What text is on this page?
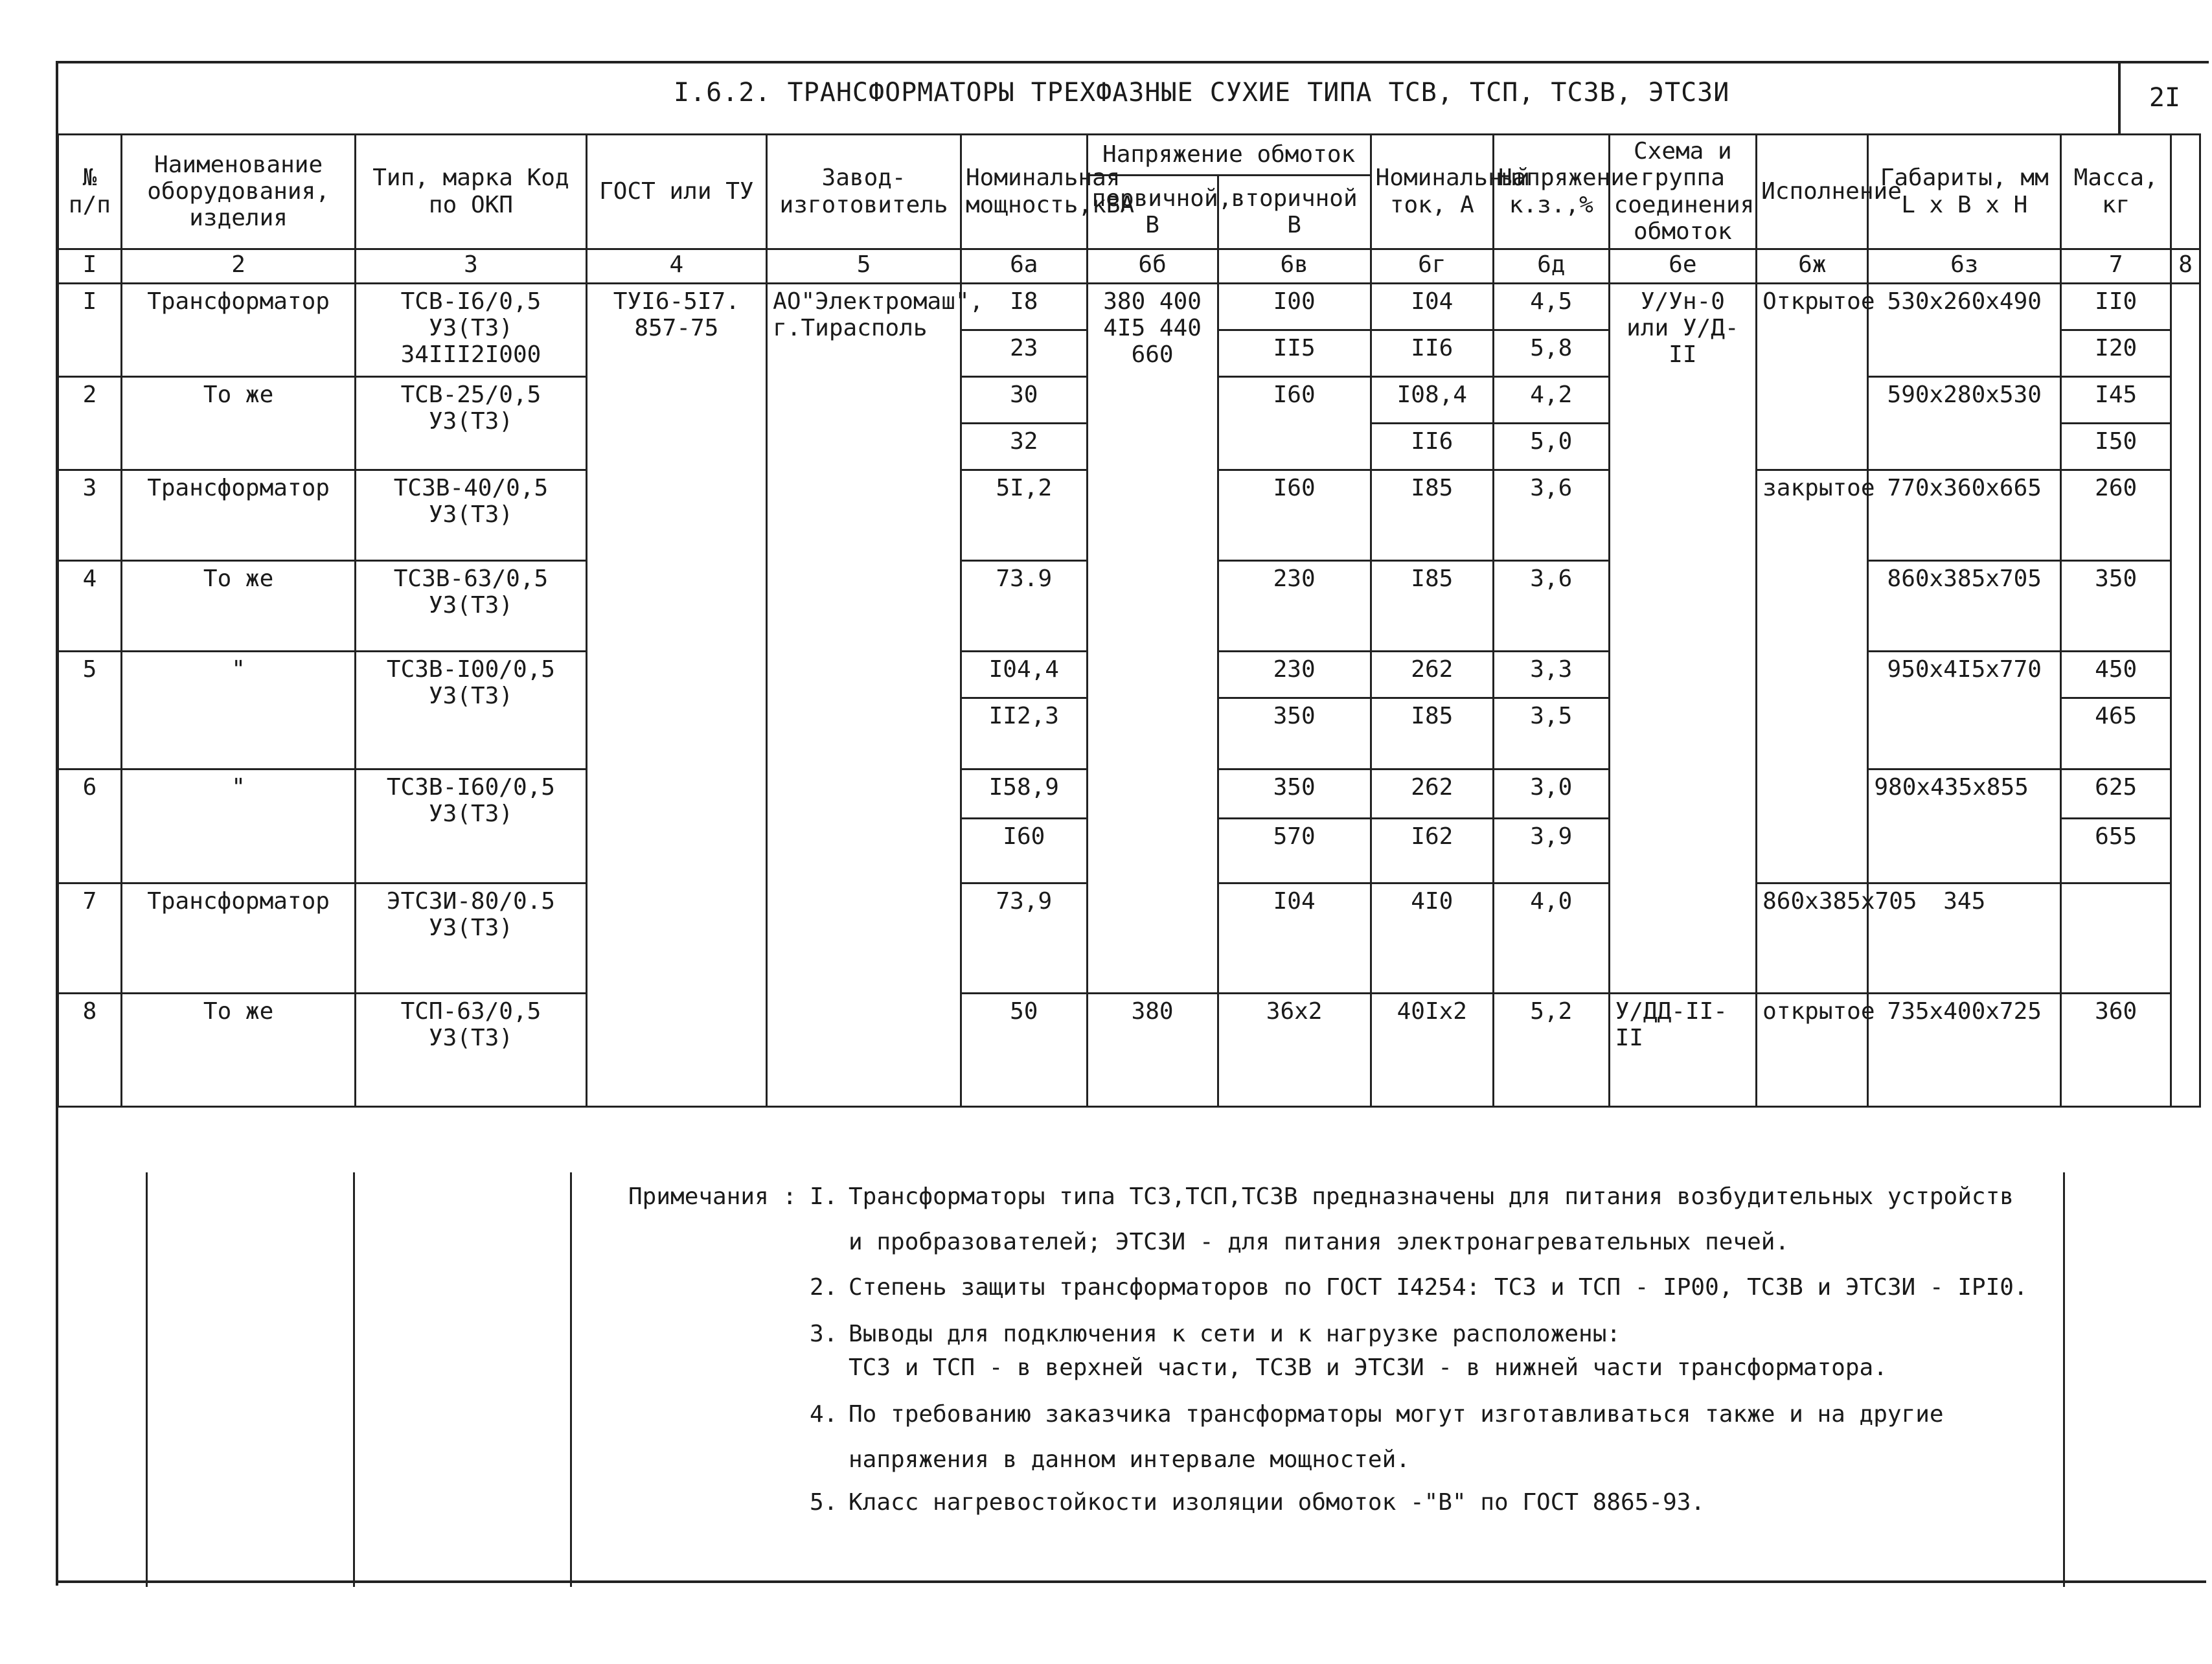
I.6.2. ТРАНСФОРМАТОРЫ ТРЕХФАЗНЫЕ СУХИЕ ТИПА ТСВ, ТСП, ТСЗВ, ЭТСЗИ	2I
№ п/п	Наименование оборудования, изделия	Тип, марка Код по ОКП	ГОСТ или ТУ	Завод-изготовитель	Номинальная мощность,кВА	Напряжение обмоток		Номинальный ток, А	Напряжение к.з.,%	Схема и группа соединения обмоток	Исполнение	Габариты, мм L x B x H	Масса, кг	
						первичной, В	вторичной В							
I	2	3	4	5	6а	6б	6в	6г	6д	6е	6ж	6з	7	8
I	Трансформатор	ТСВ-I6/0,5 У3(Т3) 34III2I000	ТУI6-5I7. 857-75	АО"Электромаш", г.Тирасполь	I8	380 400 4I5 440 660	I00	I04	4,5	У/Ун-0 или У/Д-II	Открытое	530x260x490	II0	
					23		II5	II6	5,8				I20	
2	То же	ТСВ-25/0,5 У3(Т3)			30		I60	I08,4	4,2			590x280x530	I45	
					32			II6	5,0				I50	
3	Трансформатор	ТСЗВ-40/0,5 У3(Т3)			5I,2		I60	I85	3,6		закрытое	770x360x665	260	
4	То же	ТСЗВ-63/0,5 У3(Т3)			73.9		230	I85	3,6			860x385x705	350	
5	"	ТСЗВ-I00/0,5 У3(Т3)			I04,4		230	262	3,3			950x4I5x770	450	
					II2,3		350	I85	3,5				465	
6	"	ТСЗВ-I60/0,5 У3(Т3)			I58,9		350	262	3,0			980x435x855	625	
					I60		570	I62	3,9				655	
7	Трансформатор	ЭТСЗИ-80/0.5 У3(Т3)			73,9		I04	4I0	4,0		860x385x705	345		
8	То же	ТСП-63/0,5 У3(Т3)			50	380	36x2	40Ix2	5,2	У/ДД-II-II	открытое	735x400x725	360	
Примечания : I. Трансформаторы типа ТСЗ,ТСП,ТСЗВ предназначены для питания возбудительных устройств
и пробразователей; ЭТСЗИ - для питания электронагревательных печей.
2. Степень защиты трансформаторов по ГОСТ I4254: ТСЗ и ТСП - IP00, ТСЗВ и ЭТСЗИ - IPI0.
3. Выводы для подключения к сети и к нагрузке расположены:
ТСЗ и ТСП - в верхней части, ТСЗВ и ЭТСЗИ - в нижней части трансформатора.
4. По требованию заказчика трансформаторы могут изготавливаться также и на другие
напряжения в данном интервале мощностей.
5. Класс нагревостойкости изоляции обмоток -"В" по ГОСТ 8865-93.
